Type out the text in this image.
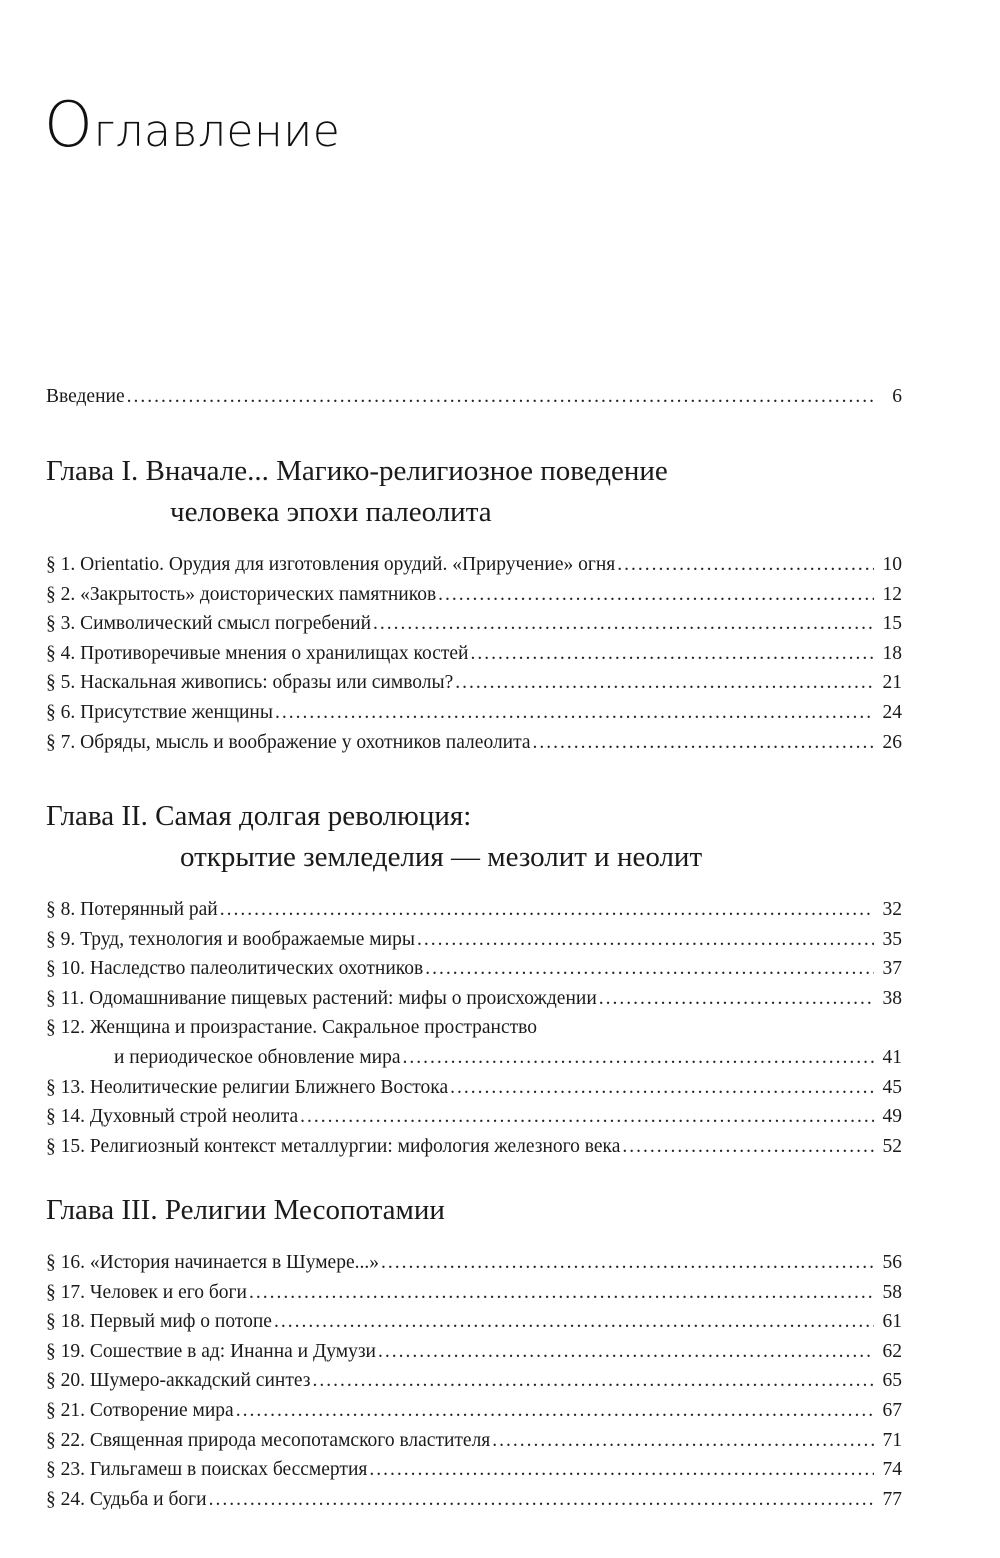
Оглавление
Введение .....	6
Глава I. Вначале... Магико-религиозное поведение
человека эпохи палеолита
§ 1. Orientatio. Орудия для изготовления орудий. «Приручение» огня .....	10
§ 2. «Закрытость» доисторических памятников .....	12
§ 3. Символический смысл погребений .....	15
§ 4. Противоречивые мнения о хранилищах костей .....	18
§ 5. Наскальная живопись: образы или символы? .....	21
§ 6. Присутствие женщины .....	24
§ 7. Обряды, мысль и воображение у охотников палеолита .....	26
Глава II. Самая долгая революция:
открытие земледелия — мезолит и неолит
§ 8. Потерянный рай .....	32
§ 9. Труд, технология и воображаемые миры .....	35
§ 10. Наследство палеолитических охотников .....	37
§ 11. Одомашнивание пищевых растений: мифы о происхождении .....	38
§ 12. Женщина и произрастание. Сакральное пространство
и периодическое обновление мира .....	41
§ 13. Неолитические религии Ближнего Востока .....	45
§ 14. Духовный строй неолита .....	49
§ 15. Религиозный контекст металлургии: мифология железного века .....	52
Глава III. Религии Месопотамии
§ 16. «История начинается в Шумере...» .....	56
§ 17. Человек и его боги .....	58
§ 18. Первый миф о потопе .....	61
§ 19. Сошествие в ад: Инанна и Думузи .....	62
§ 20. Шумеро-аккадский синтез .....	65
§ 21. Сотворение мира .....	67
§ 22. Священная природа месопотамского властителя .....	71
§ 23. Гильгамеш в поисках бессмертия .....	74
§ 24. Судьба и боги .....	77
